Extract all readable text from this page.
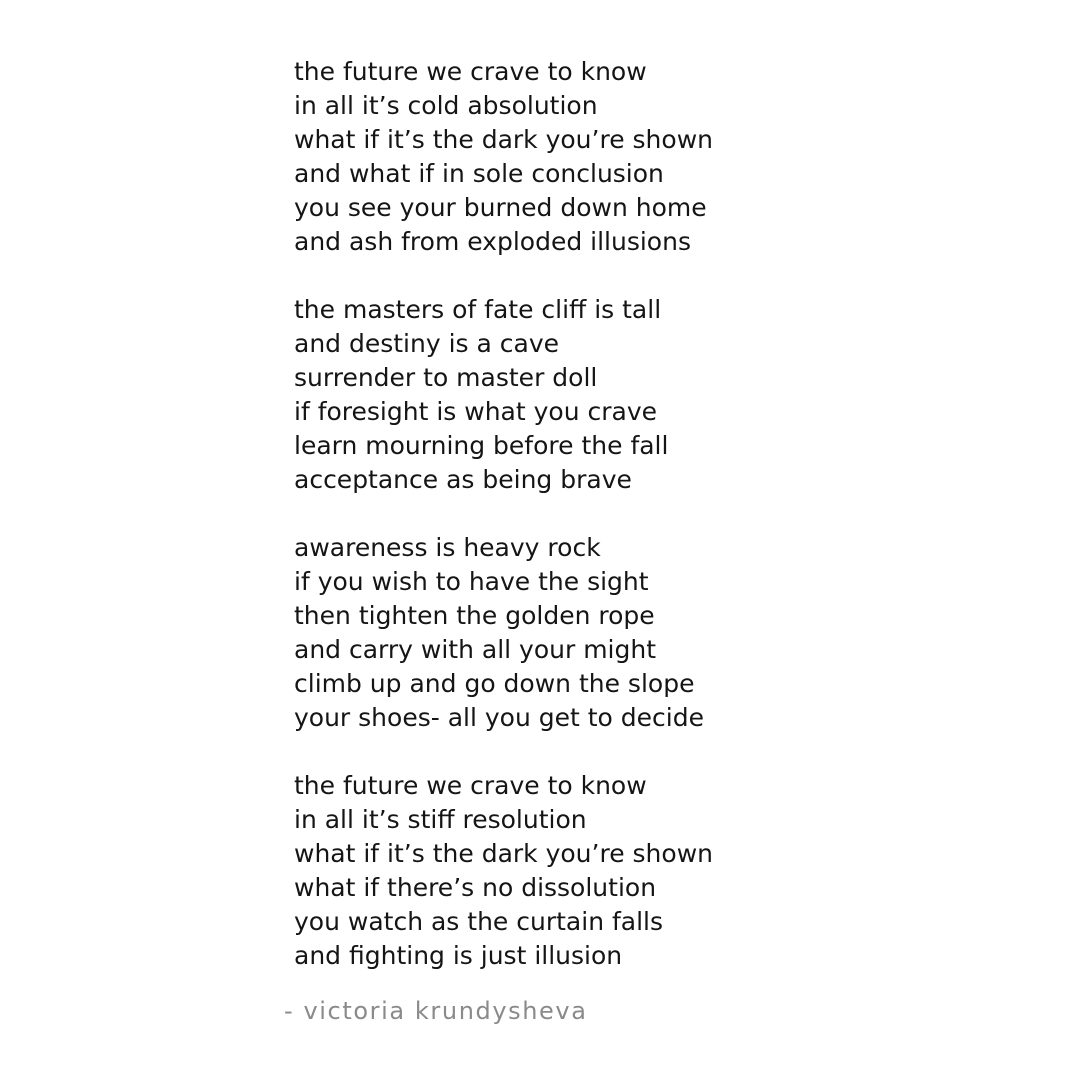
the future we crave to know
in all it’s cold absolution
what if it’s the dark you’re shown
and what if in sole conclusion
you see your burned down home
and ash from exploded illusions
the masters of fate cliff is tall
and destiny is a cave
surrender to master doll
if foresight is what you crave
learn mourning before the fall
acceptance as being brave
awareness is heavy rock
if you wish to have the sight
then tighten the golden rope
and carry with all your might
climb up and go down the slope
your shoes- all you get to decide
the future we crave to know
in all it’s stiff resolution
what if it’s the dark you’re shown
what if there’s no dissolution
you watch as the curtain falls
and fighting is just illusion
- victoria krundysheva
